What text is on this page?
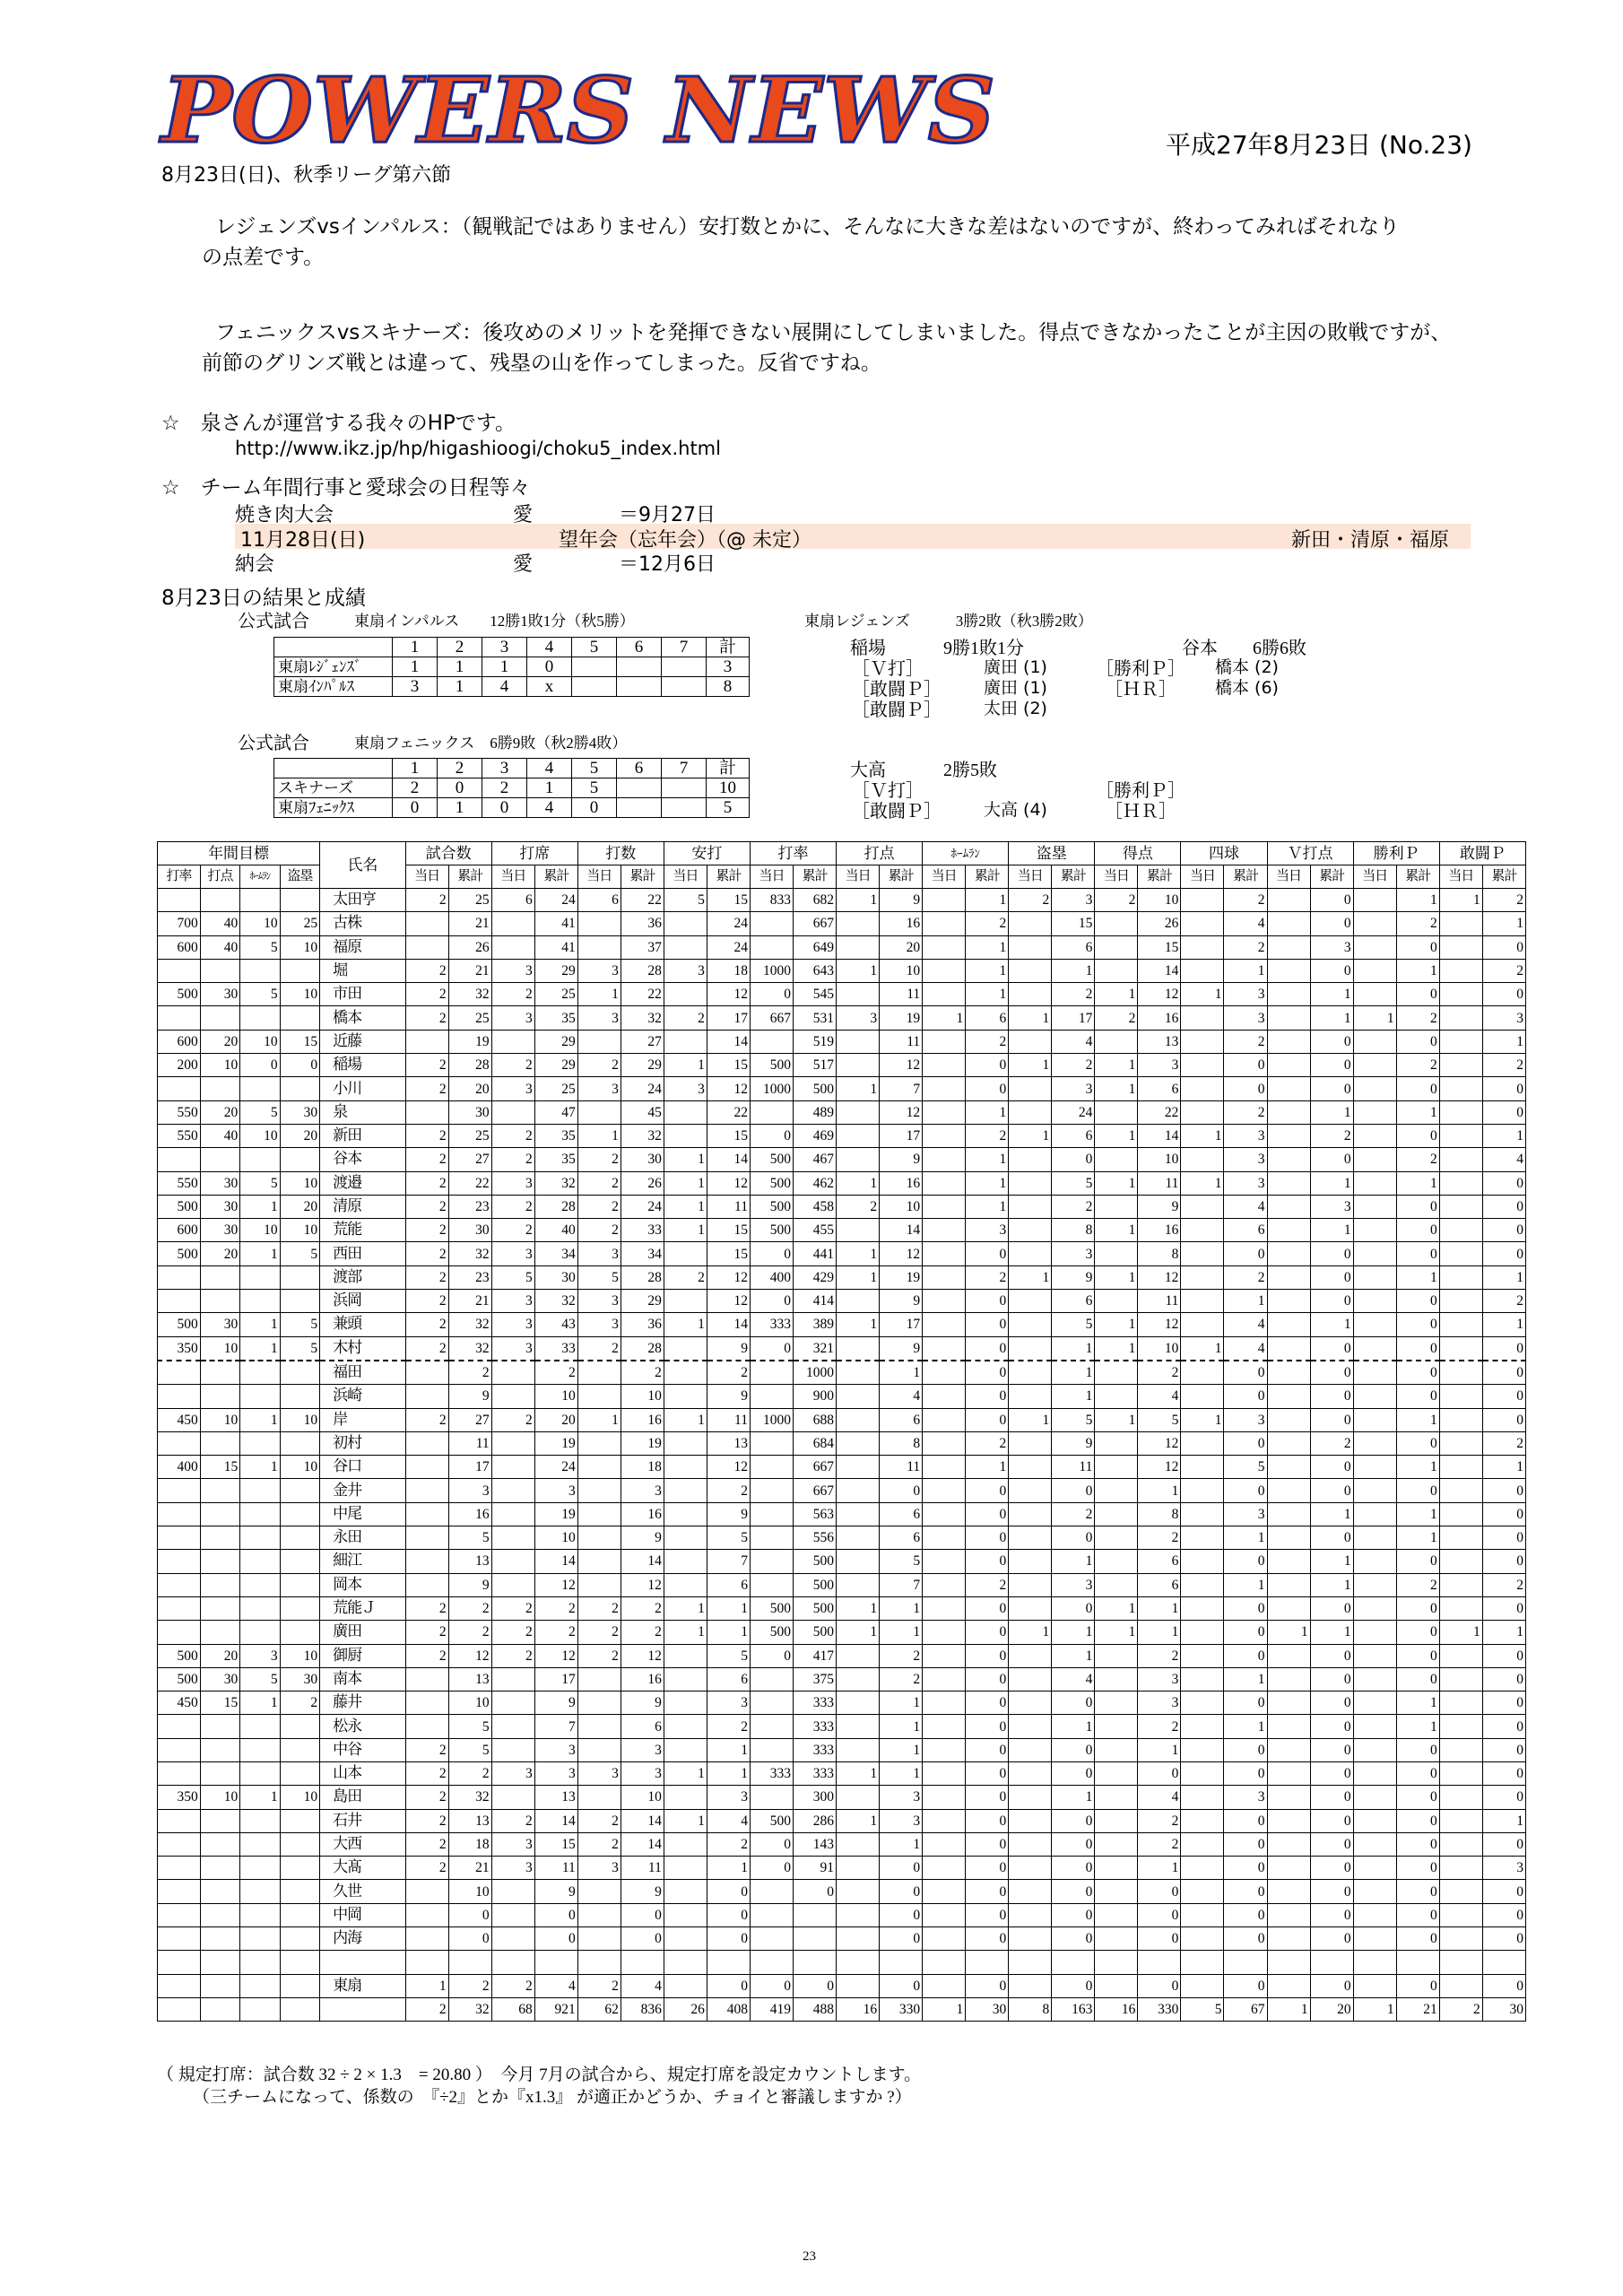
POWERS NEWS	平成27年8月23日 (No.23)
8月23日(日)、秋季リーグ第六節
レジェンズvsインパルス：（観戦記ではありません）安打数とかに、そんなに大きな差はないのですが、終わってみればそれなり
の点差です。
フェニックスvsスキナーズ：後攻めのメリットを発揮できない展開にしてしまいました。得点できなかったことが主因の敗戦ですが、
前節のグリンズ戦とは違って、残塁の山を作ってしまった。反省ですね。
☆　泉さんが運営する我々のHPです。
http://www.ikz.jp/hp/higashioogi/choku5_index.html
☆　チーム年間行事と愛球会の日程等々
焼き肉大会	愛	＝9月27日
11月28日(日)	望年会（忘年会）（@ 未定）	新田・清原・福原
納会	愛	＝12月6日
8月23日の結果と成績
公式試合	東扇インパルス　　12勝1敗1分（秋5勝）	東扇レジェンズ　　　3勝2敗（秋3勝2敗）
	1	2	3	4	5	6	7	計
東扇ﾚｼﾞｪﾝｽﾞ	1	1	1	0				3
東扇ｲﾝﾊﾟﾙｽ	3	1	4	x				8
稲場	9勝1敗1分	谷本 6勝6敗
［Ｖ打］	廣田 (1)	［勝利Ｐ］ 橋本 (2)
［敢闘Ｐ］ 廣田 (1)	［ＨＲ］ 橋本 (6)
［敢闘Ｐ］ 太田 (2)
公式試合	東扇フェニックス　6勝9敗（秋2勝4敗）
	1	2	3	4	5	6	7	計
スキナーズ	2	0	2	1	5			10
東扇ﾌｪﾆｯｸｽ	0	1	0	4	0			5
大高	2勝5敗
［Ｖ打］	［勝利Ｐ］
［敢闘Ｐ］ 大高 (4)	［ＨＲ］
年間目標				氏名	試合数		打席		打数		安打		打率		打点		ﾎｰﾑﾗﾝ		盗塁		得点		四球		Ｖ打点		勝利Ｐ		敢闘Ｐ	
打率	打点	ﾎｰﾑﾗﾝ	盗塁		当日	累計	当日	累計	当日	累計	当日	累計	当日	累計	当日	累計	当日	累計	当日	累計	当日	累計	当日	累計	当日	累計	当日	累計	当日	累計
				太田亨	2	25	6	24	6	22	5	15	833	682	1	9		1	2	3	2	10		2		0		1	1	2
700	40	10	25	古株		21		41		36		24		667		16		2		15		26		4		0		2		1
600	40	5	10	福原		26		41		37		24		649		20		1		6		15		2		3		0		0
				堀	2	21	3	29	3	28	3	18	1000	643	1	10		1		1		14		1		0		1		2
500	30	5	10	市田	2	32	2	25	1	22		12	0	545		11		1		2	1	12	1	3		1		0		0
				橋本	2	25	3	35	3	32	2	17	667	531	3	19	1	6	1	17	2	16		3		1	1	2		3
600	20	10	15	近藤		19		29		27		14		519		11		2		4		13		2		0		0		1
200	10	0	0	稲場	2	28	2	29	2	29	1	15	500	517		12		0	1	2	1	3		0		0		2		2
				小川	2	20	3	25	3	24	3	12	1000	500	1	7		0		3	1	6		0		0		0		0
550	20	5	30	泉		30		47		45		22		489		12		1		24		22		2		1		1		0
550	40	10	20	新田	2	25	2	35	1	32		15	0	469		17		2	1	6	1	14	1	3		2		0		1
				谷本	2	27	2	35	2	30	1	14	500	467		9		1		0		10		3		0		2		4
550	30	5	10	渡邉	2	22	3	32	2	26	1	12	500	462	1	16		1		5	1	11	1	3		1		1		0
500	30	1	20	清原	2	23	2	28	2	24	1	11	500	458	2	10		1		2		9		4		3		0		0
600	30	10	10	荒能	2	30	2	40	2	33	1	15	500	455		14		3		8	1	16		6		1		0		0
500	20	1	5	西田	2	32	3	34	3	34		15	0	441	1	12		0		3		8		0		0		0		0
				渡部	2	23	5	30	5	28	2	12	400	429	1	19		2	1	9	1	12		2		0		1		1
				浜岡	2	21	3	32	3	29		12	0	414		9		0		6		11		1		0		0		2
500	30	1	5	兼頭	2	32	3	43	3	36	1	14	333	389	1	17		0		5	1	12		4		1		0		1
350	10	1	5	木村	2	32	3	33	2	28		9	0	321		9		0		1	1	10	1	4		0		0		0
				福田		2		2		2		2		1000		1		0		1		2		0		0		0		0
				浜崎		9		10		10		9		900		4		0		1		4		0		0		0		0
450	10	1	10	岸	2	27	2	20	1	16	1	11	1000	688		6		0	1	5	1	5	1	3		0		1		0
				初村		11		19		19		13		684		8		2		9		12		0		2		0		2
400	15	1	10	谷口		17		24		18		12		667		11		1		11		12		5		0		1		1
				金井		3		3		3		2		667		0		0		0		1		0		0		0		0
				中尾		16		19		16		9		563		6		0		2		8		3		1		1		0
				永田		5		10		9		5		556		6		0		0		2		1		0		1		0
				細江		13		14		14		7		500		5		0		1		6		0		1		0		0
				岡本		9		12		12		6		500		7		2		3		6		1		1		2		2
				荒能Ｊ	2	2	2	2	2	2	1	1	500	500	1	1		0		0	1	1		0		0		0		0
				廣田	2	2	2	2	2	2	1	1	500	500	1	1		0	1	1	1	1		0	1	1		0	1	1
500	20	3	10	御厨	2	12	2	12	2	12		5	0	417		2		0		1		2		0		0		0		0
500	30	5	30	南本		13		17		16		6		375		2		0		4		3		1		0		0		0
450	15	1	2	藤井		10		9		9		3		333		1		0		0		3		0		0		1		0
				松永		5		7		6		2		333		1		0		1		2		1		0		1		0
				中谷	2	5		3		3		1		333		1		0		0		1		0		0		0		0
				山本	2	2	3	3	3	3	1	1	333	333	1	1		0		0		0		0		0		0		0
350	10	1	10	島田	2	32		13		10		3		300		3		0		1		4		3		0		0		0
				石井	2	13	2	14	2	14	1	4	500	286	1	3		0		0		2		0		0		0		1
				大西	2	18	3	15	2	14		2	0	143		1		0		0		2		0		0		0		0
				大髙	2	21	3	11	3	11		1	0	91		0		0		0		1		0		0		0		3
				久世		10		9		9		0		0		0		0		0		0		0		0		0		0
				中岡		0		0		0		0				0		0		0		0		0		0		0		0
				内海		0		0		0		0				0		0		0		0		0		0		0		0

				東扇	1	2	2	4	2	4		0	0	0		0		0		0		0		0		0		0		0
					2	32	68	921	62	836	26	408	419	488	16	330	1	30	8	163	16	330	5	67	1	20	1	21	2	30
（ 規定打席：試合数 32 ÷ 2 × 1.3　= 20.80 ）　今月 7月の試合から、規定打席を設定カウントします。
（三チームになって、係数の　『÷2』とか『x1.3』 が適正かどうか、チョイと審議しますか ?）
23
